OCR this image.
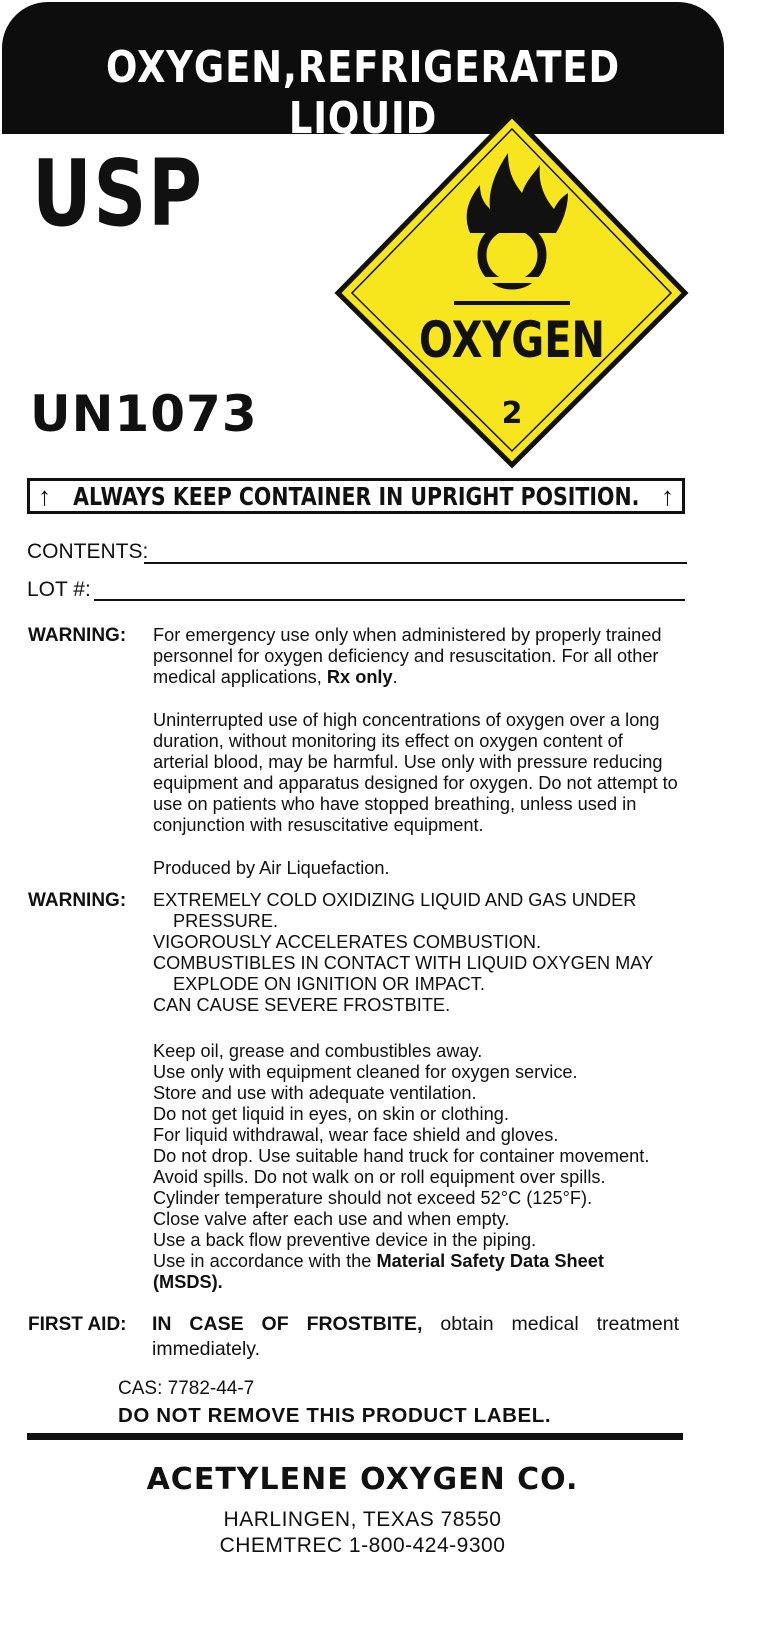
OXYGEN,REFRIGERATED LIQUID
USP
UN1073
OXYGEN
2
↑ ALWAYS KEEP CONTAINER IN UPRIGHT POSITION. ↑
CONTENTS:
LOT #:
WARNING: For emergency use only when administered by properly trained personnel for oxygen deficiency and resuscitation. For all other medical applications, Rx only.

Uninterrupted use of high concentrations of oxygen over a long duration, without monitoring its effect on oxygen content of arterial blood, may be harmful. Use only with pressure reducing equipment and apparatus designed for oxygen. Do not attempt to use on patients who have stopped breathing, unless used in conjunction with resuscitative equipment.
Produced by Air Liquefaction.
WARNING: EXTREMELY COLD OXIDIZING LIQUID AND GAS UNDER

PRESSURE.

VIGOROUSLY ACCELERATES COMBUSTION.

COMBUSTIBLES IN CONTACT WITH LIQUID OXYGEN MAY

EXPLODE ON IGNITION OR IMPACT.

CAN CAUSE SEVERE FROSTBITE.

Keep oil, grease and combustibles away.

Use only with equipment cleaned for oxygen service.

Store and use with adequate ventilation.

Do not get liquid in eyes, on skin or clothing.

For liquid withdrawal, wear face shield and gloves.

Do not drop. Use suitable hand truck for container movement.

Avoid spills. Do not walk on or roll equipment over spills.

Cylinder temperature should not exceed 52°C (125°F).

Close valve after each use and when empty.

Use a back flow preventive device in the piping.

Use in accordance with the Material Safety Data Sheet

(MSDS).

FIRST AID: IN CASE OF FROSTBITE, obtain medical treatment immediately.
CAS: 7782-44-7
DO NOT REMOVE THIS PRODUCT LABEL.
ACETYLENE OXYGEN CO.
HARLINGEN, TEXAS 78550
CHEMTREC 1-800-424-9300
